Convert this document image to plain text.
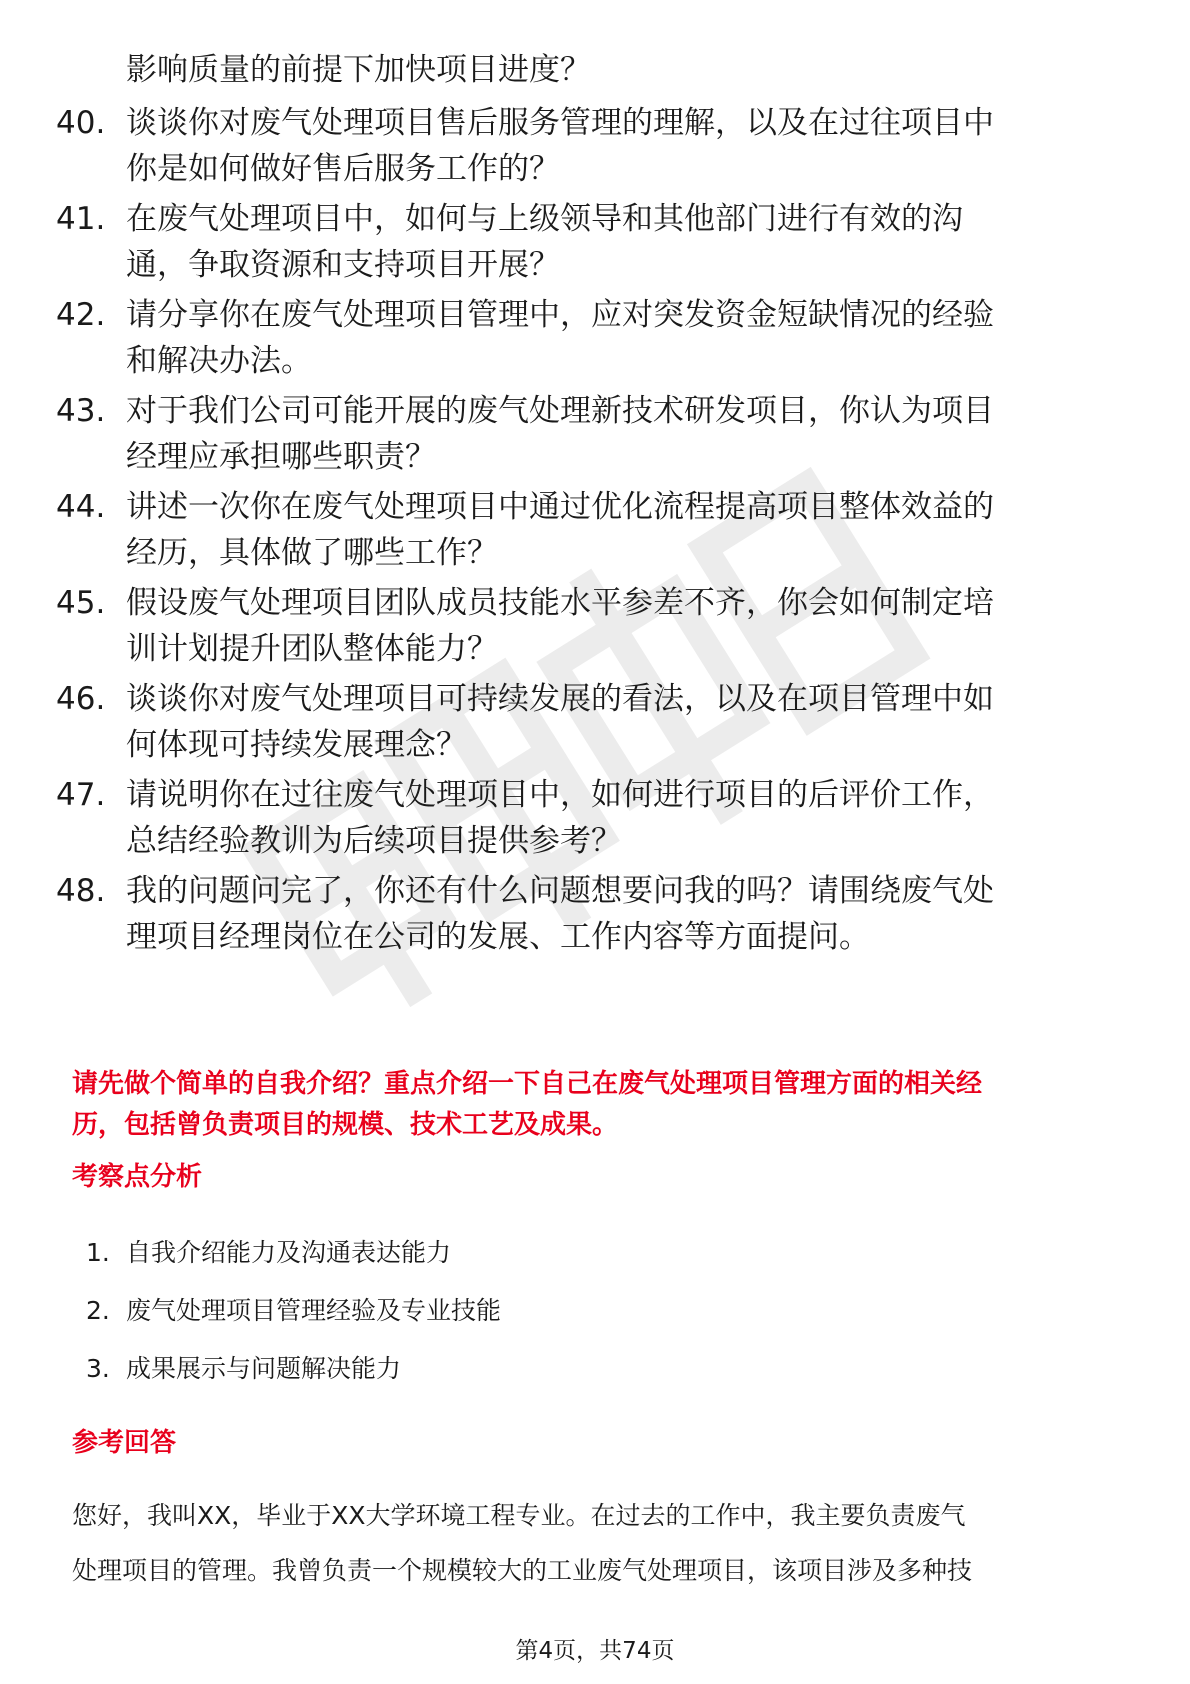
影响质量的前提下加快项目进度？
40. 谈谈你对废气处理项目售后服务管理的理解，以及在过往项目中
你是如何做好售后服务工作的？
41. 在废气处理项目中，如何与上级领导和其他部门进行有效的沟
通，争取资源和支持项目开展？
42. 请分享你在废气处理项目管理中，应对突发资金短缺情况的经验
和解决办法。
43. 对于我们公司可能开展的废气处理新技术研发项目，你认为项目
经理应承担哪些职责？
44. 讲述一次你在废气处理项目中通过优化流程提高项目整体效益的
经历，具体做了哪些工作？
45. 假设废气处理项目团队成员技能水平参差不齐，你会如何制定培
训计划提升团队整体能力？
46. 谈谈你对废气处理项目可持续发展的看法，以及在项目管理中如
何体现可持续发展理念？
47. 请说明你在过往废气处理项目中，如何进行项目的后评价工作，
总结经验教训为后续项目提供参考？
48. 我的问题问完了，你还有什么问题想要问我的吗？请围绕废气处
理项目经理岗位在公司的发展、工作内容等方面提问。
请先做个简单的自我介绍？重点介绍一下自己在废气处理项目管理方面的相关经
历，包括曾负责项目的规模、技术工艺及成果。
考察点分析
1. 自我介绍能力及沟通表达能力
2. 废气处理项目管理经验及专业技能
3. 成果展示与问题解决能力
参考回答
您好，我叫XX，毕业于XX大学环境工程专业。在过去的工作中，我主要负责废气
处理项目的管理。我曾负责一个规模较大的工业废气处理项目，该项目涉及多种技
第4页，共74页
